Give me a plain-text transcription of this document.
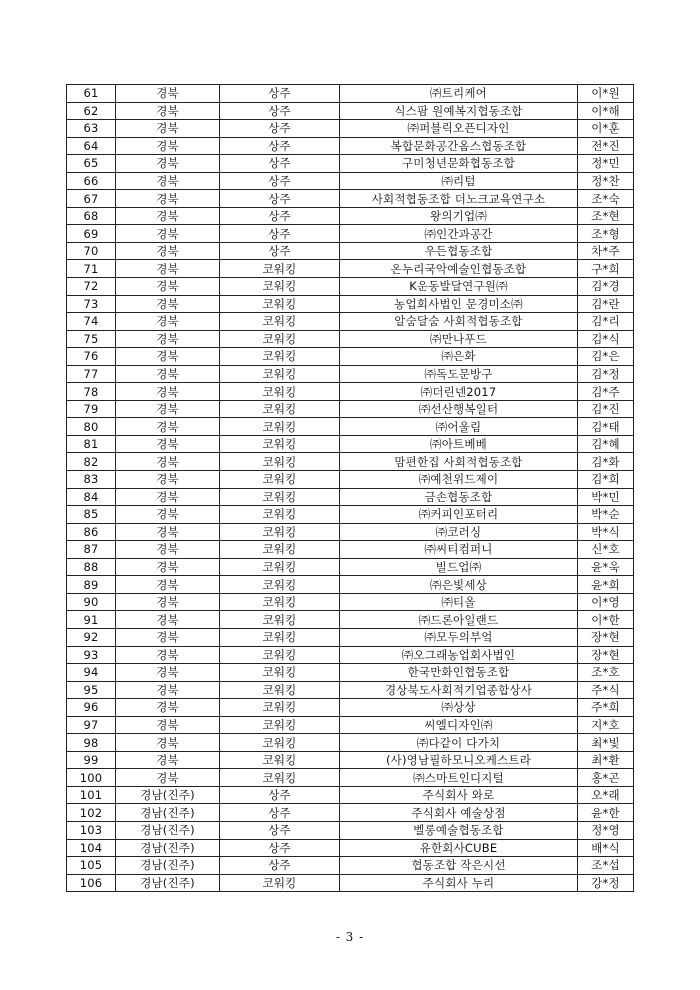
61	경북	상주	㈜트리케어	이*원
62	경북	상주	식스팜 원예복지협동조합	이*해
63	경북	상주	㈜퍼블릭오픈디자인	이*훈
64	경북	상주	복합문화공간옴스협동조합	전*진
65	경북	상주	구미청년문화협동조합	정*민
66	경북	상주	㈜리텀	정*찬
67	경북	상주	사회적협동조합 더노크교육연구소	조*숙
68	경북	상주	왕의기업㈜	조*현
69	경북	상주	㈜인간과공간	조*형
70	경북	상주	우든협동조합	차*주
71	경북	코워킹	온누리국악예술인협동조합	구*희
72	경북	코워킹	K운동발달연구원㈜	김*경
73	경북	코워킹	농업회사법인 문경미소㈜	김*란
74	경북	코워킹	알숨달숨 사회적협동조합	김*리
75	경북	코워킹	㈜만나푸드	김*식
76	경북	코워킹	㈜은화	김*은
77	경북	코워킹	㈜독도문방구	김*정
78	경북	코워킹	㈜더린넨2017	김*주
79	경북	코워킹	㈜선산행복일터	김*진
80	경북	코워킹	㈜어울림	김*태
81	경북	코워킹	㈜아트베베	김*혜
82	경북	코워킹	맘편한집 사회적협동조합	김*화
83	경북	코워킹	㈜예천위드제이	김*희
84	경북	코워킹	금손협동조합	박*민
85	경북	코워킹	㈜커피인포터리	박*순
86	경북	코워킹	㈜코러싱	박*식
87	경북	코워킹	㈜씨티컴퍼니	신*호
88	경북	코워킹	빌드업㈜	윤*욱
89	경북	코워킹	㈜은빛세상	윤*희
90	경북	코워킹	㈜티올	이*영
91	경북	코워킹	㈜드론아일랜드	이*한
92	경북	코워킹	㈜모두의부엌	장*현
93	경북	코워킹	㈜오그래농업회사법인	장*현
94	경북	코워킹	한국만화인협동조합	조*호
95	경북	코워킹	경상북도사회적기업종합상사	주*식
96	경북	코워킹	㈜상상	주*희
97	경북	코워킹	씨엘디자인㈜	지*호
98	경북	코워킹	㈜다같이 다가치	최*빛
99	경북	코워킹	(사)영남필하모니오케스트라	최*환
100	경북	코워킹	㈜스마트인디지털	홍*곤
101	경남(진주)	상주	주식회사 와로	오*래
102	경남(진주)	상주	주식회사 예술상점	윤*한
103	경남(진주)	상주	벨롱예술협동조합	정*영
104	경남(진주)	상주	유한회사CUBE	배*식
105	경남(진주)	상주	협동조합 작은시선	조*섭
106	경남(진주)	코워킹	주식회사 누리	강*정
- 3 -
